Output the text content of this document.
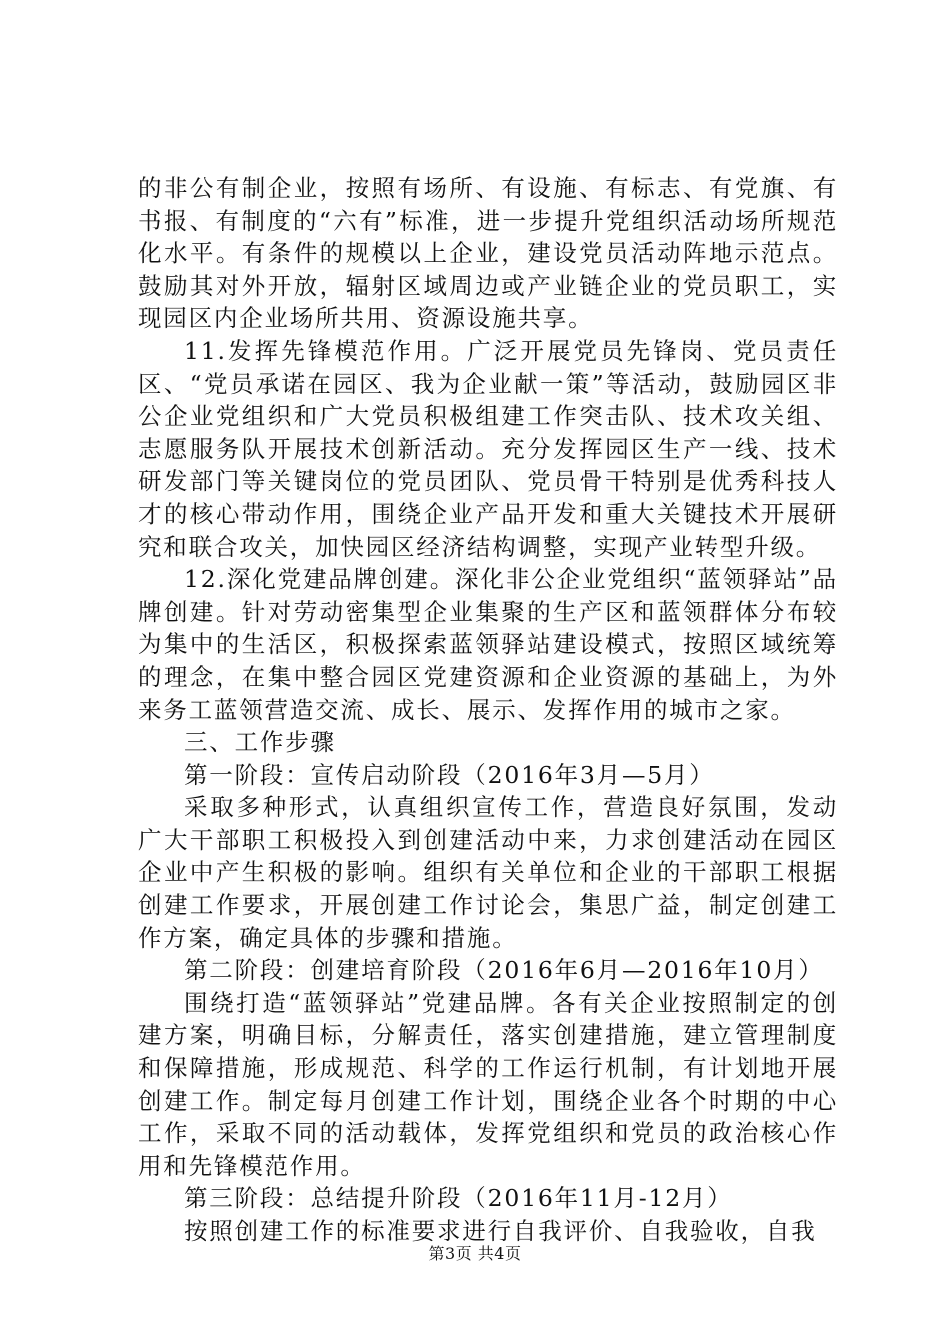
的非公有制企业，按照有场所、有设施、有标志、有党旗、有书报、有制度的“六有”标准，进一步提升党组织活动场所规范化水平。有条件的规模以上企业，建设党员活动阵地示范点。鼓励其对外开放，辐射区域周边或产业链企业的党员职工，实现园区内企业场所共用、资源设施共享。

11.发挥先锋模范作用。广泛开展党员先锋岗、党员责任区、“党员承诺在园区、我为企业献一策”等活动，鼓励园区非公企业党组织和广大党员积极组建工作突击队、技术攻关组、志愿服务队开展技术创新活动。充分发挥园区生产一线、技术研发部门等关键岗位的党员团队、党员骨干特别是优秀科技人才的核心带动作用，围绕企业产品开发和重大关键技术开展研究和联合攻关，加快园区经济结构调整，实现产业转型升级。

12.深化党建品牌创建。深化非公企业党组织“蓝领驿站”品牌创建。针对劳动密集型企业集聚的生产区和蓝领群体分布较为集中的生活区，积极探索蓝领驿站建设模式，按照区域统筹的理念，在集中整合园区党建资源和企业资源的基础上，为外来务工蓝领营造交流、成长、展示、发挥作用的城市之家。

三、工作步骤

第一阶段：宣传启动阶段（2016年3月—5月）

采取多种形式，认真组织宣传工作，营造良好氛围，发动广大干部职工积极投入到创建活动中来，力求创建活动在园区企业中产生积极的影响。组织有关单位和企业的干部职工根据创建工作要求，开展创建工作讨论会，集思广益，制定创建工作方案，确定具体的步骤和措施。

第二阶段：创建培育阶段（2016年6月—2016年10月）

围绕打造“蓝领驿站”党建品牌。各有关企业按照制定的创建方案，明确目标，分解责任，落实创建措施，建立管理制度和保障措施，形成规范、科学的工作运行机制，有计划地开展创建工作。制定每月创建工作计划，围绕企业各个时期的中心工作，采取不同的活动载体，发挥党组织和党员的政治核心作用和先锋模范作用。

第三阶段：总结提升阶段（2016年11月-12月）

按照创建工作的标准要求进行自我评价、自我验收，自我

第3页 共4页
